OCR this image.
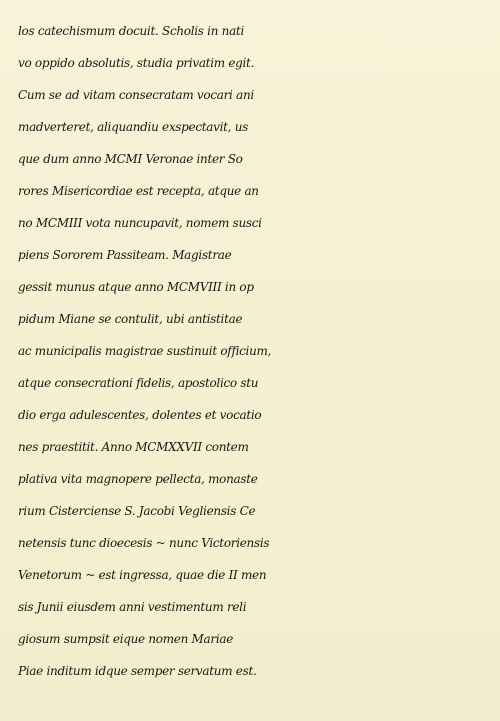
los catechismum docuit. Scholis in nati
vo oppido absolutis, studia privatim egit.
Cum se ad vitam consecratam vocari ani
madverteret, aliquandiu exspectavit, us
que dum anno MCMI Veronae inter So
rores Misericordiae est recepta, atque an
no MCMIII vota nuncupavit, nomem susci
piens Sororem Passiteam. Magistrae
gessit munus atque anno MCMVIII in op
pidum Miane se contulit, ubi antistitae
ac municipalis magistrae sustinuit officium,
atque consecrationi fidelis, apostolico stu
dio erga adulescentes, dolentes et vocatio
nes praestitit. Anno MCMXXVII contem
plativa vita magnopere pellecta, monaste
rium Cisterciense S. Jacobi Vegliensis Ce
netensis tunc dioecesis ~ nunc Victoriensis
Venetorum ~ est ingressa, quae die II men
sis Junii eiusdem anni vestimentum reli
giosum sumpsit eique nomen Mariae
Piae inditum idque semper servatum est.
